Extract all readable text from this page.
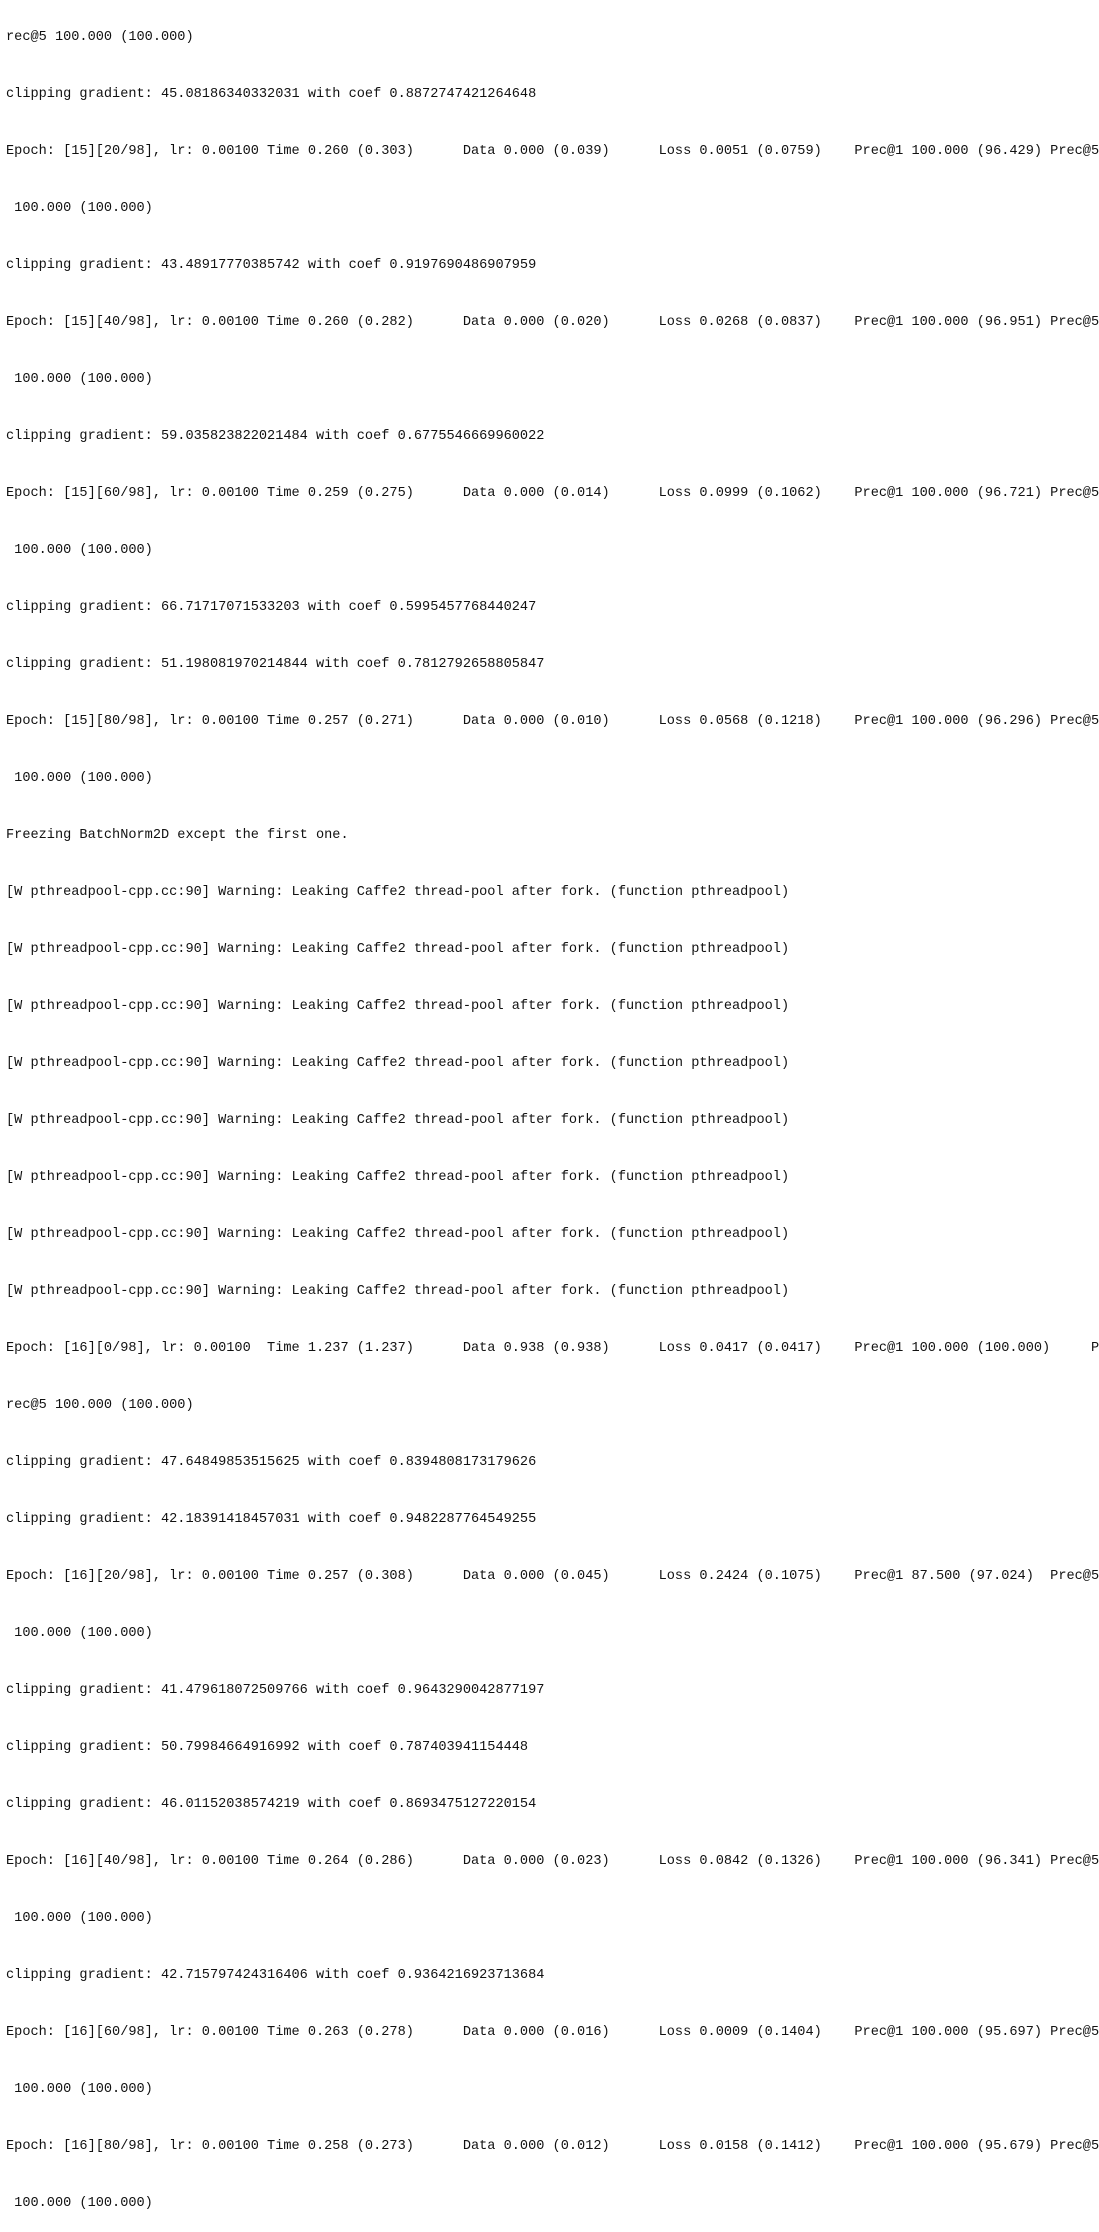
rec@5 100.000 (100.000)

clipping gradient: 45.08186340332031 with coef 0.8872747421264648

Epoch: [15][20/98], lr: 0.00100 Time 0.260 (0.303)      Data 0.000 (0.039)      Loss 0.0051 (0.0759)    Prec@1 100.000 (96.429) Prec@5

100.000 (100.000)

clipping gradient: 43.48917770385742 with coef 0.9197690486907959

Epoch: [15][40/98], lr: 0.00100 Time 0.260 (0.282)      Data 0.000 (0.020)      Loss 0.0268 (0.0837)    Prec@1 100.000 (96.951) Prec@5

100.000 (100.000)

clipping gradient: 59.035823822021484 with coef 0.6775546669960022

Epoch: [15][60/98], lr: 0.00100 Time 0.259 (0.275)      Data 0.000 (0.014)      Loss 0.0999 (0.1062)    Prec@1 100.000 (96.721) Prec@5

100.000 (100.000)

clipping gradient: 66.71717071533203 with coef 0.5995457768440247

clipping gradient: 51.198081970214844 with coef 0.7812792658805847

Epoch: [15][80/98], lr: 0.00100 Time 0.257 (0.271)      Data 0.000 (0.010)      Loss 0.0568 (0.1218)    Prec@1 100.000 (96.296) Prec@5

100.000 (100.000)

Freezing BatchNorm2D except the first one.

[W pthreadpool-cpp.cc:90] Warning: Leaking Caffe2 thread-pool after fork. (function pthreadpool)

[W pthreadpool-cpp.cc:90] Warning: Leaking Caffe2 thread-pool after fork. (function pthreadpool)

[W pthreadpool-cpp.cc:90] Warning: Leaking Caffe2 thread-pool after fork. (function pthreadpool)

[W pthreadpool-cpp.cc:90] Warning: Leaking Caffe2 thread-pool after fork. (function pthreadpool)

[W pthreadpool-cpp.cc:90] Warning: Leaking Caffe2 thread-pool after fork. (function pthreadpool)

[W pthreadpool-cpp.cc:90] Warning: Leaking Caffe2 thread-pool after fork. (function pthreadpool)

[W pthreadpool-cpp.cc:90] Warning: Leaking Caffe2 thread-pool after fork. (function pthreadpool)

[W pthreadpool-cpp.cc:90] Warning: Leaking Caffe2 thread-pool after fork. (function pthreadpool)

Epoch: [16][0/98], lr: 0.00100  Time 1.237 (1.237)      Data 0.938 (0.938)      Loss 0.0417 (0.0417)    Prec@1 100.000 (100.000)     P

rec@5 100.000 (100.000)

clipping gradient: 47.64849853515625 with coef 0.8394808173179626

clipping gradient: 42.18391418457031 with coef 0.9482287764549255

Epoch: [16][20/98], lr: 0.00100 Time 0.257 (0.308)      Data 0.000 (0.045)      Loss 0.2424 (0.1075)    Prec@1 87.500 (97.024)  Prec@5

100.000 (100.000)

clipping gradient: 41.479618072509766 with coef 0.9643290042877197

clipping gradient: 50.79984664916992 with coef 0.787403941154448

clipping gradient: 46.01152038574219 with coef 0.8693475127220154

Epoch: [16][40/98], lr: 0.00100 Time 0.264 (0.286)      Data 0.000 (0.023)      Loss 0.0842 (0.1326)    Prec@1 100.000 (96.341) Prec@5

100.000 (100.000)

clipping gradient: 42.715797424316406 with coef 0.9364216923713684

Epoch: [16][60/98], lr: 0.00100 Time 0.263 (0.278)      Data 0.000 (0.016)      Loss 0.0009 (0.1404)    Prec@1 100.000 (95.697) Prec@5

100.000 (100.000)

Epoch: [16][80/98], lr: 0.00100 Time 0.258 (0.273)      Data 0.000 (0.012)      Loss 0.0158 (0.1412)    Prec@1 100.000 (95.679) Prec@5

100.000 (100.000)
